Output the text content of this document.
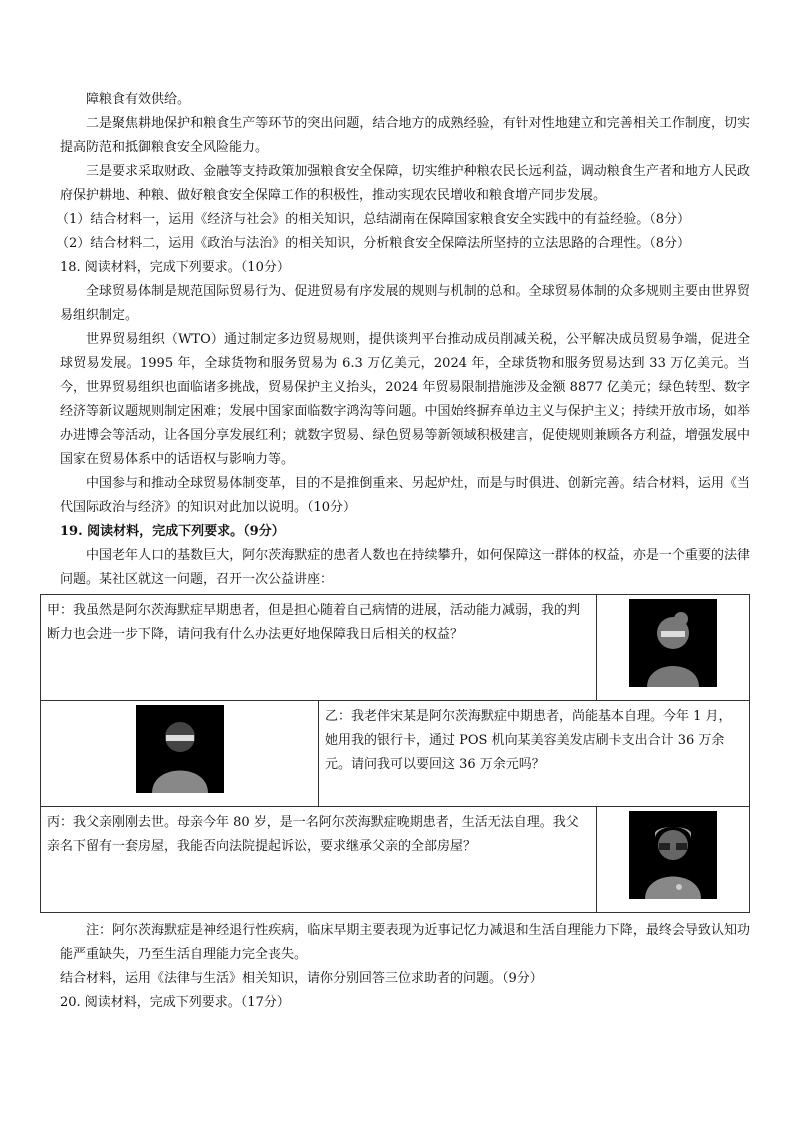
障粮食有效供给。

二是聚焦耕地保护和粮食生产等环节的突出问题，结合地方的成熟经验，有针对性地建立和完善相关工作制度，切实提高防范和抵御粮食安全风险能力。

三是要求采取财政、金融等支持政策加强粮食安全保障，切实维护种粮农民长远利益，调动粮食生产者和地方人民政府保护耕地、种粮、做好粮食安全保障工作的积极性，推动实现农民增收和粮食增产同步发展。

（1）结合材料一，运用《经济与社会》的相关知识，总结湖南在保障国家粮食安全实践中的有益经验。（8分）

（2）结合材料二，运用《政治与法治》的相关知识，分析粮食安全保障法所坚持的立法思路的合理性。（8分）

18. 阅读材料，完成下列要求。（10分）

全球贸易体制是规范国际贸易行为、促进贸易有序发展的规则与机制的总和。全球贸易体制的众多规则主要由世界贸易组织制定。

世界贸易组织（WTO）通过制定多边贸易规则，提供谈判平台推动成员削减关税，公平解决成员贸易争端，促进全球贸易发展。1995 年，全球货物和服务贸易为 6.3 万亿美元，2024 年，全球货物和服务贸易达到 33 万亿美元。当今，世界贸易组织也面临诸多挑战，贸易保护主义抬头，2024 年贸易限制措施涉及金额 8877 亿美元；绿色转型、数字经济等新议题规则制定困难；发展中国家面临数字鸿沟等问题。中国始终摒弃单边主义与保护主义；持续开放市场，如举办进博会等活动，让各国分享发展红利；就数字贸易、绿色贸易等新领域积极建言，促使规则兼顾各方利益，增强发展中国家在贸易体系中的话语权与影响力等。

中国参与和推动全球贸易体制变革，目的不是推倒重来、另起炉灶，而是与时俱进、创新完善。结合材料，运用《当代国际政治与经济》的知识对此加以说明。（10分）

19. 阅读材料，完成下列要求。（9分）

中国老年人口的基数巨大，阿尔茨海默症的患者人数也在持续攀升，如何保障这一群体的权益，亦是一个重要的法律问题。某社区就这一问题，召开一次公益讲座：

甲：我虽然是阿尔茨海默症早期患者，但是担心随着自己病情的进展，活动能力减弱，我的判断力也会进一步下降，请问我有什么办法更好地保障我日后相关的权益？	

	乙：我老伴宋某是阿尔茨海默症中期患者，尚能基本自理。今年 1 月，她用我的银行卡，通过 POS 机向某美容美发店刷卡支出合计 36 万余元。请问我可以要回这 36 万余元吗？	
丙：我父亲刚刚去世。母亲今年 80 岁，是一名阿尔茨海默症晚期患者，生活无法自理。我父亲名下留有一套房屋，我能否向法院提起诉讼，要求继承父亲的全部房屋？	

注：阿尔茨海默症是神经退行性疾病，临床早期主要表现为近事记忆力减退和生活自理能力下降，最终会导致认知功能严重缺失，乃至生活自理能力完全丧失。

结合材料，运用《法律与生活》相关知识，请你分别回答三位求助者的问题。（9分）

20. 阅读材料，完成下列要求。（17分）
